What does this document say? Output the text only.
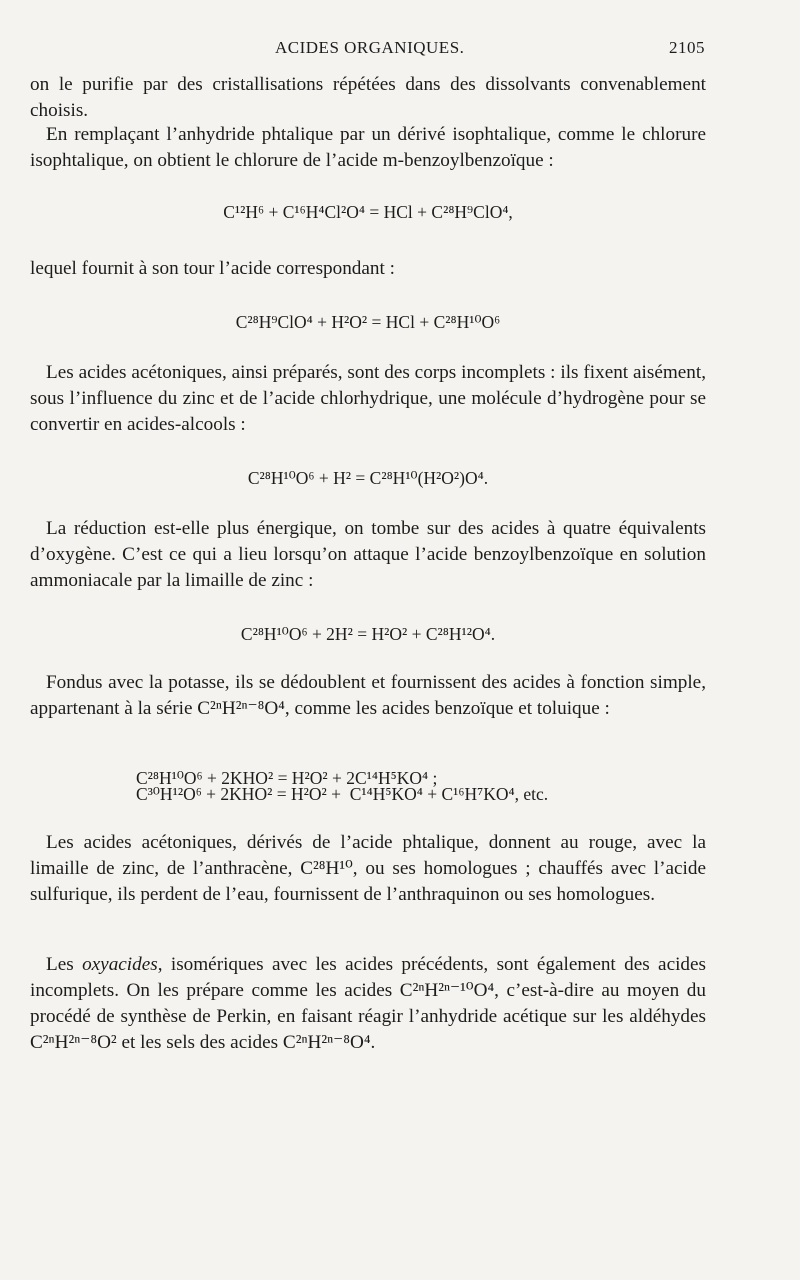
ACIDES ORGANIQUES.	2105

on le purifie par des cristallisations répétées dans des dissolvants convenablement choisis.

En remplaçant l’anhydride phtalique par un dérivé isophtalique, comme le chlorure isophtalique, on obtient le chlorure de l’acide m-benzoylbenzoïque :

C¹²H⁶ + C¹⁶H⁴Cl²O⁴ = HCl + C²⁸H⁹ClO⁴,

lequel fournit à son tour l’acide correspondant :

C²⁸H⁹ClO⁴ + H²O² = HCl + C²⁸H¹⁰O⁶

Les acides acétoniques, ainsi préparés, sont des corps incomplets : ils fixent aisément, sous l’influence du zinc et de l’acide chlorhydrique, une molécule d’hydrogène pour se convertir en acides-alcools :

C²⁸H¹⁰O⁶ + H² = C²⁸H¹⁰(H²O²)O⁴.

La réduction est-elle plus énergique, on tombe sur des acides à quatre équivalents d’oxygène. C’est ce qui a lieu lorsqu’on attaque l’acide benzoylbenzoïque en solution ammoniacale par la limaille de zinc :

C²⁸H¹⁰O⁶ + 2H² = H²O² + C²⁸H¹²O⁴.

Fondus avec la potasse, ils se dédoublent et fournissent des acides à fonction simple, appartenant à la série C²ⁿH²ⁿ⁻⁸O⁴, comme les acides benzoïque et toluique :

C²⁸H¹⁰O⁶ + 2KHO² = H²O² + 2C¹⁴H⁵KO⁴ ;

C³⁰H¹²O⁶ + 2KHO² = H²O² +  C¹⁴H⁵KO⁴ + C¹⁶H⁷KO⁴, etc.

Les acides acétoniques, dérivés de l’acide phtalique, donnent au rouge, avec la limaille de zinc, de l’anthracène, C²⁸H¹⁰, ou ses homologues ; chauffés avec l’acide sulfurique, ils perdent de l’eau, fournissent de l’anthraquinon ou ses homologues.

Les oxyacides, isomériques avec les acides précédents, sont également des acides incomplets. On les prépare comme les acides C²ⁿH²ⁿ⁻¹⁰O⁴, c’est-à-dire au moyen du procédé de synthèse de Perkin, en faisant réagir l’anhydride acétique sur les aldéhydes C²ⁿH²ⁿ⁻⁸O² et les sels des acides C²ⁿH²ⁿ⁻⁸O⁴.
